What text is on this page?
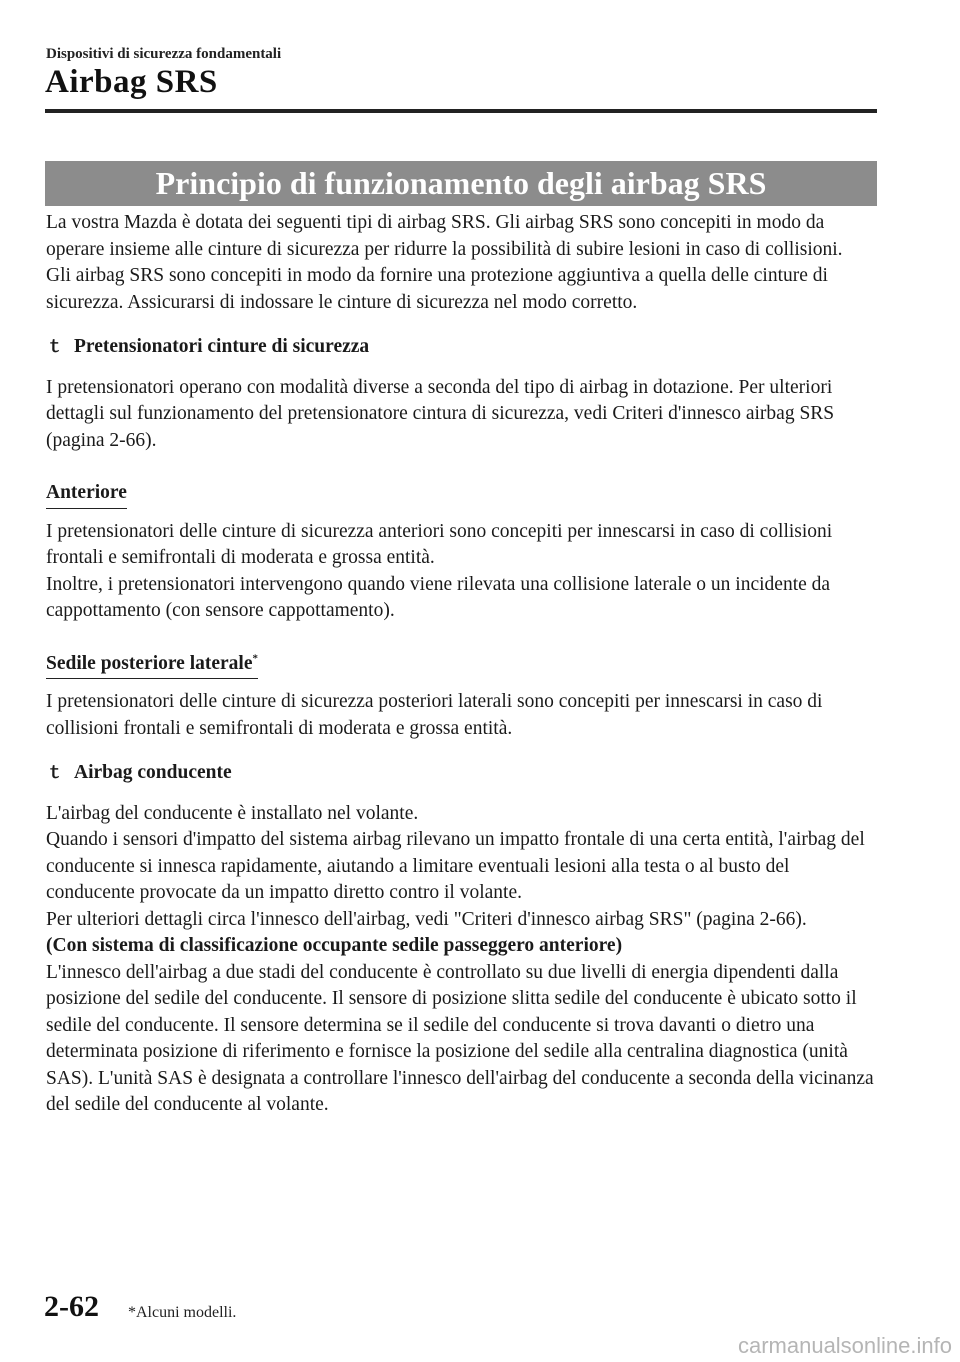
Dispositivi di sicurezza fondamentali
Airbag SRS
Principio di funzionamento degli airbag SRS

La vostra Mazda è dotata dei seguenti tipi di airbag SRS. Gli airbag SRS sono concepiti in modo da operare insieme alle cinture di sicurezza per ridurre la possibilità di subire lesioni in caso di collisioni.

Gli airbag SRS sono concepiti in modo da fornire una protezione aggiuntiva a quella delle cinture di sicurezza. Assicurarsi di indossare le cinture di sicurezza nel modo corretto.

ｔ Pretensionatori cinture di sicurezza

I pretensionatori operano con modalità diverse a seconda del tipo di airbag in dotazione. Per ulteriori dettagli sul funzionamento del pretensionatore cintura di sicurezza, vedi Criteri d'innesco airbag SRS (pagina 2-66).

Anteriore

I pretensionatori delle cinture di sicurezza anteriori sono concepiti per innescarsi in caso di collisioni frontali e semifrontali di moderata e grossa entità.

Inoltre, i pretensionatori intervengono quando viene rilevata una collisione laterale o un incidente da cappottamento (con sensore cappottamento).

Sedile posteriore laterale*

I pretensionatori delle cinture di sicurezza posteriori laterali sono concepiti per innescarsi in caso di collisioni frontali e semifrontali di moderata e grossa entità.

ｔ Airbag conducente

L'airbag del conducente è installato nel volante.

Quando i sensori d'impatto del sistema airbag rilevano un impatto frontale di una certa entità, l'airbag del conducente si innesca rapidamente, aiutando a limitare eventuali lesioni alla testa o al busto del conducente provocate da un impatto diretto contro il volante.

Per ulteriori dettagli circa l'innesco dell'airbag, vedi "Criteri d'innesco airbag SRS" (pagina 2-66).

(Con sistema di classificazione occupante sedile passeggero anteriore)

L'innesco dell'airbag a due stadi del conducente è controllato su due livelli di energia dipendenti dalla posizione del sedile del conducente. Il sensore di posizione slitta sedile del conducente è ubicato sotto il sedile del conducente. Il sensore determina se il sedile del conducente si trova davanti o dietro una determinata posizione di riferimento e fornisce la posizione del sedile alla centralina diagnostica (unità SAS). L'unità SAS è designata a controllare l'innesco dell'airbag del conducente a seconda della vicinanza del sedile del conducente al volante.

2-62 *Alcuni modelli.
carmanualsonline.info
